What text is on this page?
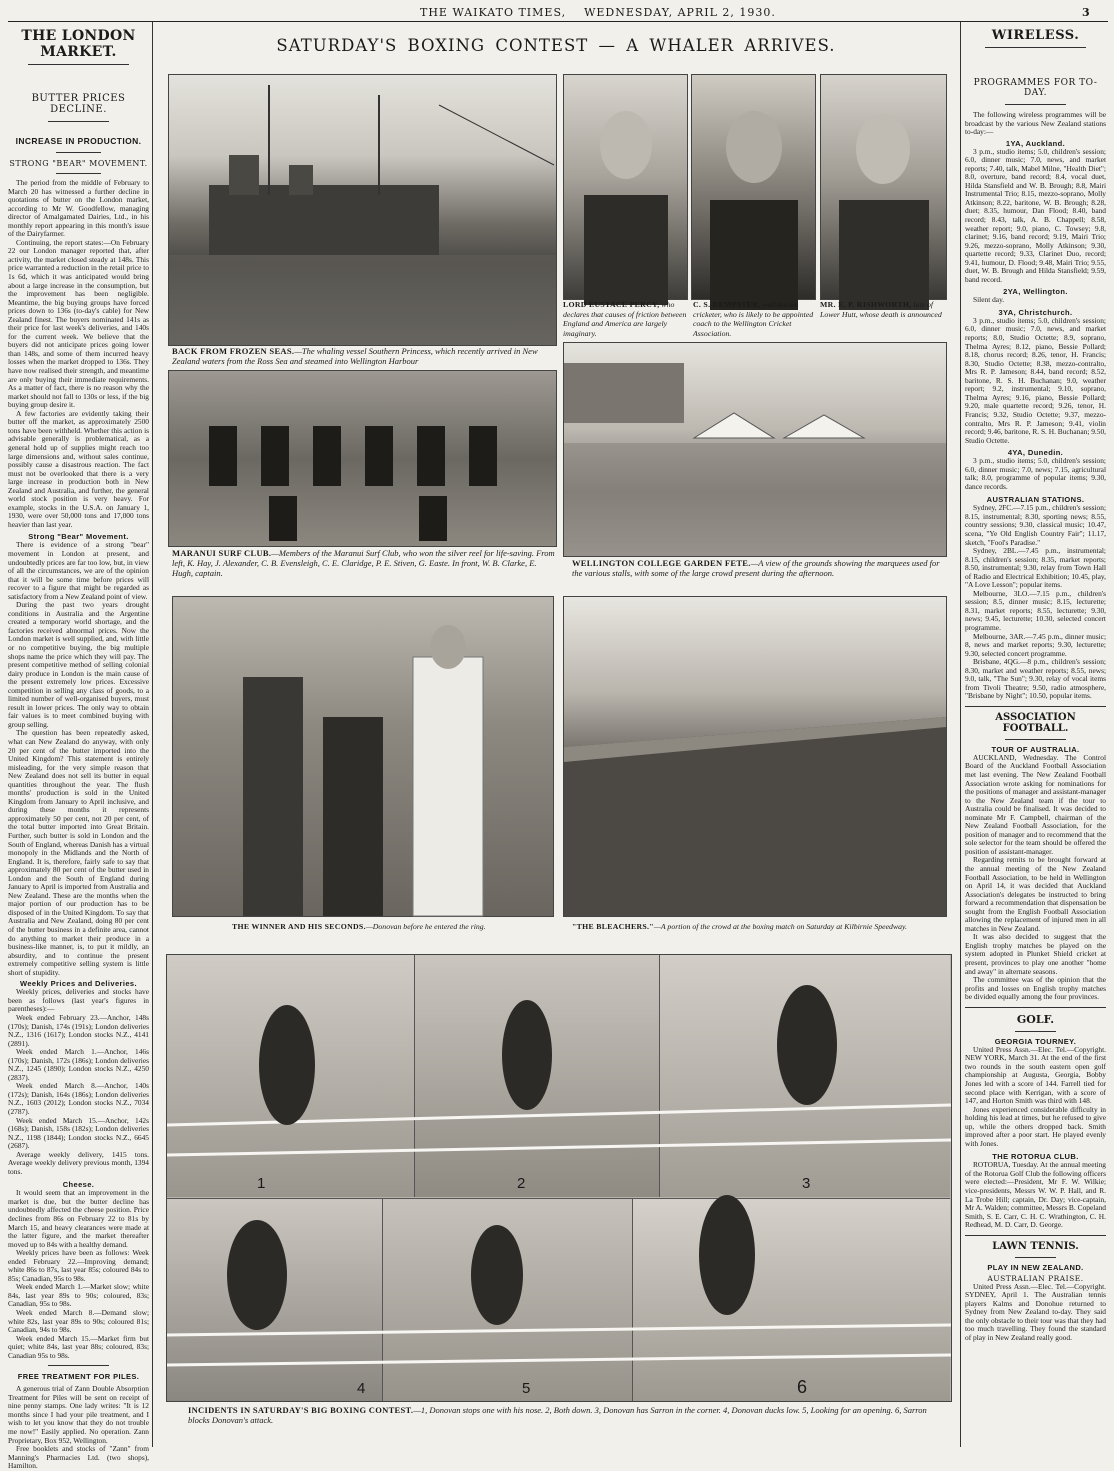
THE WAIKATO TIMES, WEDNESDAY, APRIL 2, 1930.	3
THE LONDON MARKET.
BUTTER PRICES DECLINE.
INCREASE IN PRODUCTION.
STRONG "BEAR" MOVEMENT.

The period from the middle of February to March 20 has witnessed a further decline in quotations of butter on the London market, according to Mr W. Goodfellow, managing director of Amalgamated Dairies, Ltd., in his monthly report appearing in this month's issue of the Dairyfarmer.

Continuing, the report states:—On February 22 our London manager reported that, after activity, the market closed steady at 148s. This price warranted a reduction in the retail price to 1s 6d, which it was anticipated would bring about a large increase in the consumption, but the improvement has been negligible. Meantime, the big buying groups have forced prices down to 136s (to-day's cable) for New Zealand finest. The buyers nominated 141s as their price for last week's deliveries, and 140s for the current week. We believe that the buyers did not anticipate prices going lower than 148s, and some of them incurred heavy losses when the market dropped to 136s. They have now realised their strength, and meantime are only buying their immediate requirements. As a matter of fact, there is no reason why the market should not fall to 130s or less, if the big buying group desire it.

A few factories are evidently taking their butter off the market, as approximately 2500 tons have been withheld. Whether this action is advisable generally is problematical, as a general hold up of supplies might reach too large dimensions and, without sales continue, possibly cause a disastrous reaction. The fact must not be overlooked that there is a very large increase in production both in New Zealand and Australia, and further, the general world stock position is very heavy. For example, stocks in the U.S.A. on January 1, 1930, were over 50,000 tons and 17,000 tons heavier than last year.

Strong "Bear" Movement.

There is evidence of a strong "bear" movement in London at present, and undoubtedly prices are far too low, but, in view of all the circumstances, we are of the opinion that it will be some time before prices will recover to a figure that might be regarded as satisfactory from a New Zealand point of view.

During the past two years drought conditions in Australia and the Argentine created a temporary world shortage, and the factories received abnormal prices. Now the London market is well supplied, and, with little or no competitive buying, the big multiple shops name the price which they will pay. The present competitive method of selling colonial dairy produce in London is the main cause of the present extremely low prices. Excessive competition in selling any class of goods, to a limited number of well-organised buyers, must result in lower prices. The only way to obtain fair values is to meet combined buying with group selling.

The question has been repeatedly asked, what can New Zealand do anyway, with only 20 per cent of the butter imported into the United Kingdom? This statement is entirely misleading, for the very simple reason that New Zealand does not sell its butter in equal quantities throughout the year. The flush months' production is sold in the United Kingdom from January to April inclusive, and during these months it represents approximately 50 per cent, not 20 per cent, of the total butter imported into Great Britain. Further, such butter is sold in London and the South of England, whereas Danish has a virtual monopoly in the Midlands and the North of England. It is, therefore, fairly safe to say that approximately 80 per cent of the butter used in London and the South of England during January to April is imported from Australia and New Zealand. These are the months when the major portion of our production has to be disposed of in the United Kingdom. To say that Australia and New Zealand, doing 80 per cent of the butter business in a definite area, cannot do anything to market their produce in a business-like manner, is, to put it mildly, an absurdity, and to continue the present extremely competitive selling system is little short of stupidity.

Weekly Prices and Deliveries.

Weekly prices, deliveries and stocks have been as follows (last year's figures in parentheses):—

Week ended February 23.—Anchor, 148s (170s); Danish, 174s (191s); London deliveries N.Z., 1316 (1617); London stocks N.Z., 4141 (2891).

Week ended March 1.—Anchor, 146s (170s); Danish, 172s (186s); London deliveries N.Z., 1245 (1890); London stocks N.Z., 4250 (2837).

Week ended March 8.—Anchor, 140s (172s); Danish, 164s (186s); London deliveries N.Z., 1603 (2012); London stocks N.Z., 7034 (2787).

Week ended March 15.—Anchor, 142s (168s); Danish, 158s (182s); London deliveries N.Z., 1198 (1844); London stocks N.Z., 6645 (2687).

Average weekly delivery, 1415 tons. Average weekly delivery previous month, 1394 tons.

Cheese.

It would seem that an improvement in the market is due, but the butter decline has undoubtedly affected the cheese position. Price declines from 86s on February 22 to 81s by March 15, and heavy clearances were made at the latter figure, and the market thereafter moved up to 84s with a healthy demand.

Weekly prices have been as follows: Week ended February 22.—Improving demand; white 86s to 87s, last year 85s; coloured 84s to 85s; Canadian, 95s to 98s.

Week ended March 1.—Market slow; white 84s, last year 89s to 90s; coloured, 83s; Canadian, 95s to 98s.

Week ended March 8.—Demand slow; white 82s, last year 89s to 90s; coloured 81s; Canadian, 94s to 98s.

Week ended March 15.—Market firm but quiet; white 84s, last year 88s; coloured, 83s; Canadian 95s to 98s.

FREE TREATMENT FOR PILES.

A generous trial of Zann Double Absorption Treatment for Piles will be sent on receipt of nine penny stamps. One lady writes: "It is 12 months since I had your pile treatment, and I wish to let you know that they do not trouble me now!" Easily applied. No operation. Zann Proprietary, Box 952, Wellington.

Free booklets and stocks of "Zann" from Manning's Pharmacies Ltd. (two shops), Hamilton.

SATURDAY'S BOXING CONTEST — A WHALER ARRIVES.
BACK FROM FROZEN SEAS.—The whaling vessel Southern Princess, which recently arrived in New Zealand waters from the Ross Sea and steamed into Wellington Harbour
LORD EUSTACE PERCY, who declares that causes of friction between England and America are largely imaginary.
C. S. DEMPSTER, well-known cricketer, who is likely to be appointed coach to the Wellington Cricket Association.
MR. E. P. RISHWORTH, late of Lower Hutt, whose death is announced
MARANUI SURF CLUB.—Members of the Maranui Surf Club, who won the silver reel for life-saving. From left, K. Hay, J. Alexander, C. B. Evensleigh, C. E. Claridge, P. E. Stiven, G. Easte. In front, W. B. Clarke, E. Hugh, captain.
WELLINGTON COLLEGE GARDEN FETE.—A view of the grounds showing the marquees used for the various stalls, with some of the large crowd present during the afternoon.
THE WINNER AND HIS SECONDS.—Donovan before he entered the ring.	"THE BLEACHERS."—A portion of the crowd at the boxing match on Saturday at Kilbirnie Speedway.
1	2	3
4	5	6
INCIDENTS IN SATURDAY'S BIG BOXING CONTEST.—1, Donovan stops one with his nose. 2, Both down. 3, Donovan has Sarron in the corner. 4, Donovan ducks low. 5, Looking for an opening. 6, Sarron blocks Donovan's attack.
WIRELESS.
PROGRAMMES FOR TO-DAY.

The following wireless programmes will be broadcast by the various New Zealand stations to-day:—

1YA, Auckland.

3 p.m., studio items; 5.0, children's session; 6.0, dinner music; 7.0, news, and market reports; 7.40, talk, Mabel Milne, "Health Diet"; 8.0, overture, band record; 8.4, vocal duet, Hilda Stansfield and W. B. Brough; 8.8, Mairi Instrumental Trio; 8.15, mezzo-soprano, Molly Atkinson; 8.22, baritone, W. B. Brough; 8.28, duet; 8.35, humour, Dan Flood; 8.40, band record; 8.43, talk, A. B. Chappell; 8.58, weather report; 9.0, piano, C. Towsey; 9.8, clarinet; 9.16, band record; 9.19, Mairi Trio; 9.26, mezzo-soprano, Molly Atkinson; 9.30, quartette record; 9.33, Clarinet Duo, record; 9.41, humour, D. Flood; 9.48, Mairi Trio; 9.55, duet, W. B. Brough and Hilda Stansfield; 9.59, band record.

2YA, Wellington.

Silent day.

3YA, Christchurch.

3 p.m., studio items; 5.0, children's session; 6.0, dinner music; 7.0, news, and market reports; 8.0, Studio Octette; 8.9, soprano, Thelma Ayres; 8.12, piano, Bessie Pollard; 8.18, chorus record; 8.26, tenor, H. Francis; 8.30, Studio Octette; 8.38, mezzo-contralto, Mrs R. P. Jameson; 8.44, band record; 8.52, baritone, R. S. H. Buchanan; 9.0, weather report; 9.2, instrumental; 9.10, soprano, Thelma Ayres; 9.16, piano, Bessie Pollard; 9.20, male quartette record; 9.26, tenor, H. Francis; 9.32, Studio Octette; 9.37, mezzo-contralto, Mrs R. P. Jameson; 9.41, violin record; 9.46, baritone, R. S. H. Buchanan; 9.50, Studio Octette.

4YA, Dunedin.

3 p.m., studio items; 5.0, children's session; 6.0, dinner music; 7.0, news; 7.15, agricultural talk; 8.0, programme of popular items; 9.30, dance records.

AUSTRALIAN STATIONS.

Sydney, 2FC.—7.15 p.m., children's session; 8.15, instrumental; 8.30, sporting news; 8.55, country sessions; 9.30, classical music; 10.47, scena, "Ye Old English Country Fair"; 11.17, sketch, "Fool's Paradise."

Sydney, 2BL.—7.45 p.m., instrumental; 8.15, children's session; 8.35, market reports; 8.50, instrumental; 9.30, relay from Town Hall of Radio and Electrical Exhibition; 10.45, play, "A Love Lesson"; popular items.

Melbourne, 3LO.—7.15 p.m., children's session; 8.5, dinner music; 8.15, lecturette; 8.31, market reports; 8.55, lecturette; 9.30, news; 9.45, lecturette; 10.30, selected concert programme.

Melbourne, 3AR.—7.45 p.m., dinner music; 8, news and market reports; 9.30, lecturette; 9.30, selected concert programme.

Brisbane, 4QG.—8 p.m., children's session; 8.30, market and weather reports; 8.55, news; 9.0, talk, "The Sun"; 9.30, relay of vocal items from Tivoli Theatre; 9.50, radio atmosphere, "Brisbane by Night"; 10.50, popular items.

ASSOCIATION FOOTBALL.
TOUR OF AUSTRALIA.

AUCKLAND, Wednesday. The Control Board of the Auckland Football Association met last evening. The New Zealand Football Association wrote asking for nominations for the positions of manager and assistant-manager to the New Zealand team if the tour to Australia could be finalised. It was decided to nominate Mr F. Campbell, chairman of the New Zealand Football Association, for the position of manager and to recommend that the sole selector for the team should be offered the position of assistant-manager.

Regarding remits to be brought forward at the annual meeting of the New Zealand Football Association, to be held in Wellington on April 14, it was decided that Auckland Association's delegates be instructed to bring forward a recommendation that dispensation be sought from the English Football Association allowing the replacement of injured men in all matches in New Zealand.

It was also decided to suggest that the English trophy matches be played on the system adopted in Plunket Shield cricket at present, provinces to play one another "home and away" in alternate seasons.

The committee was of the opinion that the profits and losses on English trophy matches be divided equally among the four provinces.

GOLF.
GEORGIA TOURNEY.

United Press Assn.—Elec. Tel.—Copyright. NEW YORK, March 31. At the end of the first two rounds in the south eastern open golf championship at Augusta, Georgia, Bobby Jones led with a score of 144. Farrell tied for second place with Kerrigan, with a score of 147, and Horton Smith was third with 148.

Jones experienced considerable difficulty in holding his lead at times, but he refused to give up, while the others dropped back. Smith improved after a poor start. He played evenly with Jones.

THE ROTORUA CLUB.

ROTORUA, Tuesday. At the annual meeting of the Rotorua Golf Club the following officers were elected:—President, Mr F. W. Wilkie; vice-presidents, Messrs W. W. P. Hall, and R. La Trobe Hill; captain, Dr. Day; vice-captain, Mr A. Walden; committee, Messrs B. Copeland Smith, S. E. Carr, C. H. C. Wrathington, C. H. Redhead, M. D. Carr, D. George.

LAWN TENNIS.
PLAY IN NEW ZEALAND.
AUSTRALIAN PRAISE.

United Press Assn.—Elec. Tel.—Copyright. SYDNEY, April 1. The Australian tennis players Kalms and Donohue returned to Sydney from New Zealand to-day. They said the only obstacle to their tour was that they had too much travelling. They found the standard of play in New Zealand really good.
